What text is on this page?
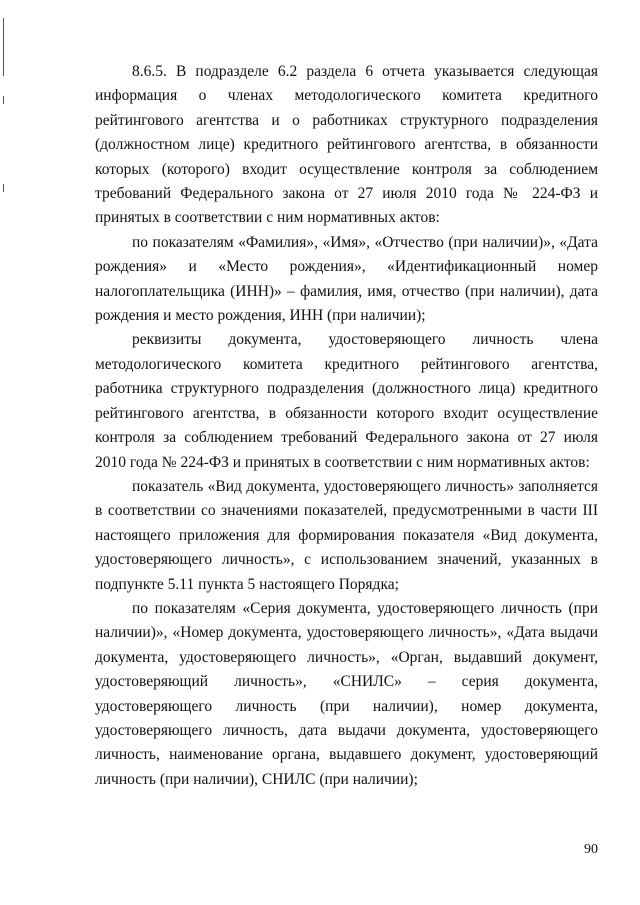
8.6.5. В подразделе 6.2 раздела 6 отчета указывается следующая информация о членах методологического комитета кредитного рейтингового агентства и о работниках структурного подразделения (должностном лице) кредитного рейтингового агентства, в обязанности которых (которого) входит осуществление контроля за соблюдением требований Федерального закона от 27 июля 2010 года № 224-ФЗ и принятых в соответствии с ним нормативных актов:

по показателям «Фамилия», «Имя», «Отчество (при наличии)», «Дата рождения» и «Место рождения», «Идентификационный номер налогоплательщика (ИНН)» – фамилия, имя, отчество (при наличии), дата рождения и место рождения, ИНН (при наличии);

реквизиты документа, удостоверяющего личность члена методологического комитета кредитного рейтингового агентства, работника структурного подразделения (должностного лица) кредитного рейтингового агентства, в обязанности которого входит осуществление контроля за соблюдением требований Федерального закона от 27 июля 2010 года № 224-ФЗ и принятых в соответствии с ним нормативных актов:

показатель «Вид документа, удостоверяющего личность» заполняется в соответствии со значениями показателей, предусмотренными в части III настоящего приложения для формирования показателя «Вид документа, удостоверяющего личность», с использованием значений, указанных в подпункте 5.11 пункта 5 настоящего Порядка;

по показателям «Серия документа, удостоверяющего личность (при наличии)», «Номер документа, удостоверяющего личность», «Дата выдачи документа, удостоверяющего личность», «Орган, выдавший документ, удостоверяющий личность», «СНИЛС» – серия документа, удостоверяющего личность (при наличии), номер документа, удостоверяющего личность, дата выдачи документа, удостоверяющего личность, наименование органа, выдавшего документ, удостоверяющий личность (при наличии), СНИЛС (при наличии);

90
